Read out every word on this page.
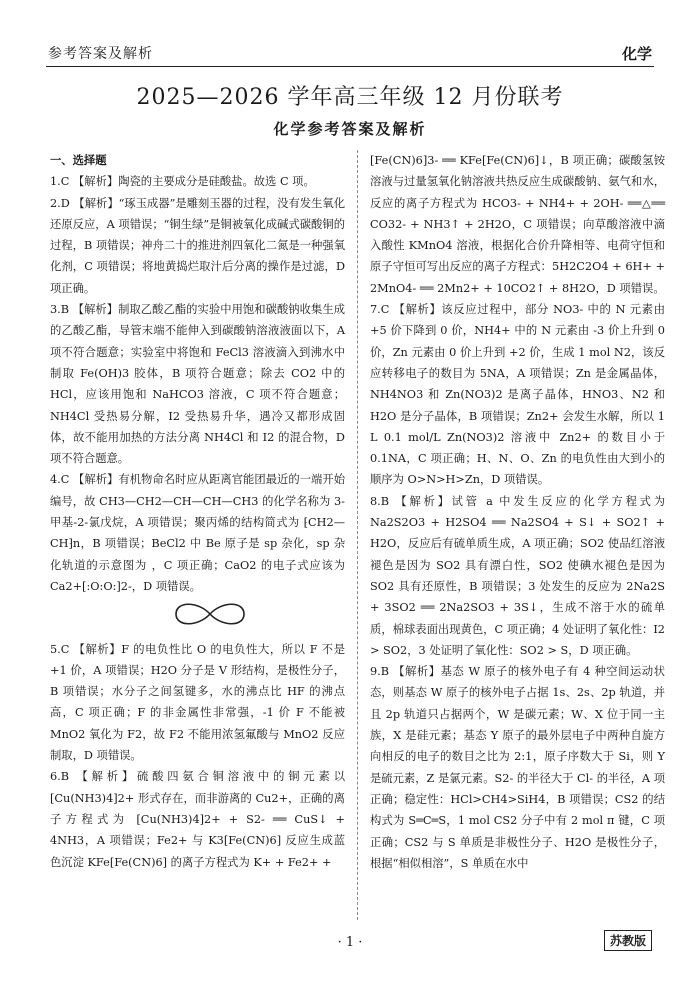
参考答案及解析	化学
2025—2026 学年高三年级 12 月份联考
化学参考答案及解析
一、选择题
1.C 【解析】陶瓷的主要成分是硅酸盐。故选 C 项。
2.D 【解析】“琢玉成器”是雕刻玉器的过程，没有发生氧化还原反应，A 项错误；“铜生绿”是铜被氧化成碱式碳酸铜的过程，B 项错误；神舟二十的推进剂四氧化二氮是一种强氧化剂，C 项错误；将地黄捣烂取汁后分离的操作是过滤，D 项正确。
3.B 【解析】制取乙酸乙酯的实验中用饱和碳酸钠收集生成的乙酸乙酯，导管末端不能伸入到碳酸钠溶液液面以下，A 项不符合题意；实验室中将饱和 FeCl3 溶液滴入到沸水中制取 Fe(OH)3 胶体，B 项符合题意；除去 CO2 中的 HCl，应该用饱和 NaHCO3 溶液，C 项不符合题意；NH4Cl 受热易分解，I2 受热易升华，遇冷又都形成固体，故不能用加热的方法分离 NH4Cl 和 I2 的混合物，D 项不符合题意。
4.C 【解析】有机物命名时应从距离官能团最近的一端开始编号，故 CH3—CH2—CH—CH—CH3 的化学名称为 3-甲基-2-氯戊烷，A 项错误；聚丙烯的结构简式为 ⁅CH2—CH⁆n，B 项错误；BeCl2 中 Be 原子是 sp 杂化，sp 杂化轨道的示意图为 ，C 项正确；CaO2 的电子式应该为 Ca2+[:O:O:]2-，D 项错误。
5.C 【解析】F 的电负性比 O 的电负性大，所以 F 不是 +1 价，A 项错误；H2O 分子是 V 形结构，是极性分子，B 项错误；水分子之间氢键多，水的沸点比 HF 的沸点高，C 项正确；F 的非金属性非常强，-1 价 F 不能被 MnO2 氧化为 F2，故 F2 不能用浓氢氟酸与 MnO2 反应制取，D 项错误。
6.B 【解析】硫酸四氨合铜溶液中的铜元素以 [Cu(NH3)4]2+ 形式存在，而非游离的 Cu2+，正确的离子方程式为 [Cu(NH3)4]2+ + S2- ══ CuS↓ + 4NH3，A 项错误；Fe2+ 与 K3[Fe(CN)6] 反应生成蓝色沉淀 KFe[Fe(CN)6] 的离子方程式为 K+ + Fe2+ +
[Fe(CN)6]3- ══ KFe[Fe(CN)6]↓，B 项正确；碳酸氢铵溶液与过量氢氧化钠溶液共热反应生成碳酸钠、氨气和水，反应的离子方程式为 HCO3- + NH4+ + 2OH- ══△══ CO32- + NH3↑ + 2H2O，C 项错误；向草酸溶液中滴入酸性 KMnO4 溶液，根据化合价升降相等、电荷守恒和原子守恒可写出反应的离子方程式：5H2C2O4 + 6H+ + 2MnO4- ══ 2Mn2+ + 10CO2↑ + 8H2O，D 项错误。
7.C 【解析】该反应过程中，部分 NO3- 中的 N 元素由 +5 价下降到 0 价，NH4+ 中的 N 元素由 -3 价上升到 0 价，Zn 元素由 0 价上升到 +2 价，生成 1 mol N2，该反应转移电子的数目为 5NA，A 项错误；Zn 是金属晶体，NH4NO3 和 Zn(NO3)2 是离子晶体，HNO3、N2 和 H2O 是分子晶体，B 项错误；Zn2+ 会发生水解，所以 1 L 0.1 mol/L Zn(NO3)2 溶液中 Zn2+ 的数目小于 0.1NA，C 项正确；H、N、O、Zn 的电负性由大到小的顺序为 O>N>H>Zn，D 项错误。
8.B 【解析】试管 a 中发生反应的化学方程式为 Na2S2O3 + H2SO4 ══ Na2SO4 + S↓ + SO2↑ + H2O，反应后有硫单质生成，A 项正确；SO2 使品红溶液褪色是因为 SO2 具有漂白性，SO2 使碘水褪色是因为 SO2 具有还原性，B 项错误；3 处发生的反应为 2Na2S + 3SO2 ══ 2Na2SO3 + 3S↓，生成不溶于水的硫单质，棉球表面出现黄色，C 项正确；4 处证明了氧化性：I2 > SO2，3 处证明了氧化性：SO2 > S，D 项正确。
9.B 【解析】基态 W 原子的核外电子有 4 种空间运动状态，则基态 W 原子的核外电子占据 1s、2s、2p 轨道，并且 2p 轨道只占据两个，W 是碳元素；W、X 位于同一主族，X 是硅元素；基态 Y 原子的最外层电子中两种自旋方向相反的电子的数目之比为 2:1，原子序数大于 Si，则 Y 是硫元素，Z 是氯元素。S2- 的半径大于 Cl- 的半径，A 项正确；稳定性：HCl>CH4>SiH4，B 项错误；CS2 的结构式为 S═C═S，1 mol CS2 分子中有 2 mol π 键，C 项正确；CS2 与 S 单质是非极性分子、H2O 是极性分子，根据“相似相溶”，S 单质在水中
· 1 ·	苏教版
